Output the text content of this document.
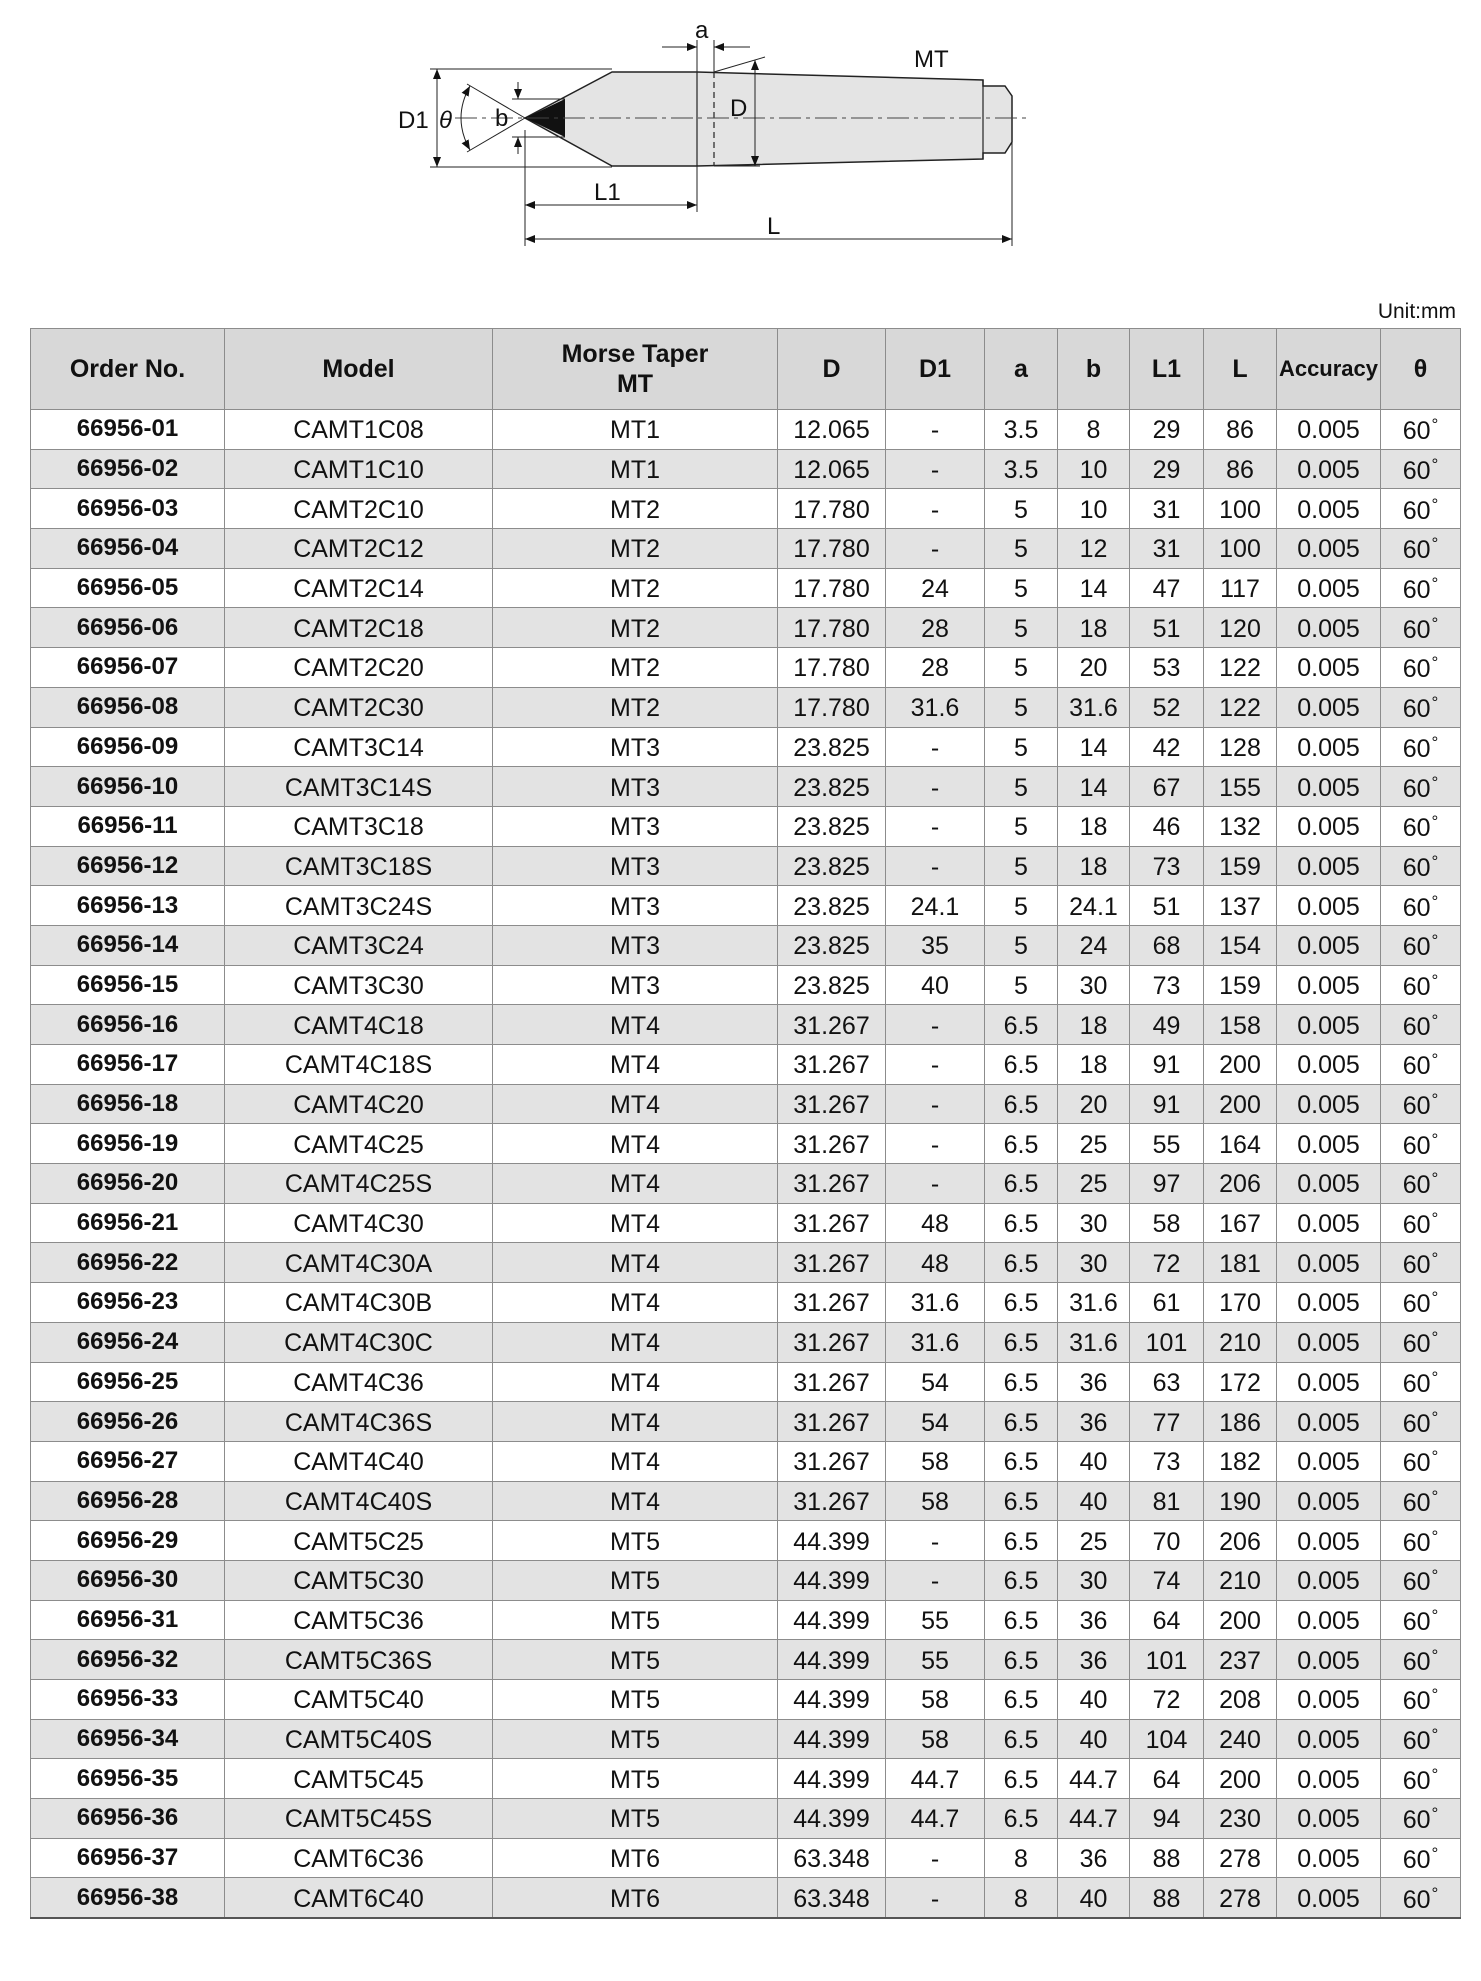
a
MT
D
D1 θ b
L1
L
Unit:mm
Order No.	Model	Morse Taper
MT	D	D1	a	b	L1	L	Accuracy	θ
66956-01	CAMT1C08	MT1	12.065	-	3.5	8	29	86	0.005	60°
66956-02	CAMT1C10	MT1	12.065	-	3.5	10	29	86	0.005	60°
66956-03	CAMT2C10	MT2	17.780	-	5	10	31	100	0.005	60°
66956-04	CAMT2C12	MT2	17.780	-	5	12	31	100	0.005	60°
66956-05	CAMT2C14	MT2	17.780	24	5	14	47	117	0.005	60°
66956-06	CAMT2C18	MT2	17.780	28	5	18	51	120	0.005	60°
66956-07	CAMT2C20	MT2	17.780	28	5	20	53	122	0.005	60°
66956-08	CAMT2C30	MT2	17.780	31.6	5	31.6	52	122	0.005	60°
66956-09	CAMT3C14	MT3	23.825	-	5	14	42	128	0.005	60°
66956-10	CAMT3C14S	MT3	23.825	-	5	14	67	155	0.005	60°
66956-11	CAMT3C18	MT3	23.825	-	5	18	46	132	0.005	60°
66956-12	CAMT3C18S	MT3	23.825	-	5	18	73	159	0.005	60°
66956-13	CAMT3C24S	MT3	23.825	24.1	5	24.1	51	137	0.005	60°
66956-14	CAMT3C24	MT3	23.825	35	5	24	68	154	0.005	60°
66956-15	CAMT3C30	MT3	23.825	40	5	30	73	159	0.005	60°
66956-16	CAMT4C18	MT4	31.267	-	6.5	18	49	158	0.005	60°
66956-17	CAMT4C18S	MT4	31.267	-	6.5	18	91	200	0.005	60°
66956-18	CAMT4C20	MT4	31.267	-	6.5	20	91	200	0.005	60°
66956-19	CAMT4C25	MT4	31.267	-	6.5	25	55	164	0.005	60°
66956-20	CAMT4C25S	MT4	31.267	-	6.5	25	97	206	0.005	60°
66956-21	CAMT4C30	MT4	31.267	48	6.5	30	58	167	0.005	60°
66956-22	CAMT4C30A	MT4	31.267	48	6.5	30	72	181	0.005	60°
66956-23	CAMT4C30B	MT4	31.267	31.6	6.5	31.6	61	170	0.005	60°
66956-24	CAMT4C30C	MT4	31.267	31.6	6.5	31.6	101	210	0.005	60°
66956-25	CAMT4C36	MT4	31.267	54	6.5	36	63	172	0.005	60°
66956-26	CAMT4C36S	MT4	31.267	54	6.5	36	77	186	0.005	60°
66956-27	CAMT4C40	MT4	31.267	58	6.5	40	73	182	0.005	60°
66956-28	CAMT4C40S	MT4	31.267	58	6.5	40	81	190	0.005	60°
66956-29	CAMT5C25	MT5	44.399	-	6.5	25	70	206	0.005	60°
66956-30	CAMT5C30	MT5	44.399	-	6.5	30	74	210	0.005	60°
66956-31	CAMT5C36	MT5	44.399	55	6.5	36	64	200	0.005	60°
66956-32	CAMT5C36S	MT5	44.399	55	6.5	36	101	237	0.005	60°
66956-33	CAMT5C40	MT5	44.399	58	6.5	40	72	208	0.005	60°
66956-34	CAMT5C40S	MT5	44.399	58	6.5	40	104	240	0.005	60°
66956-35	CAMT5C45	MT5	44.399	44.7	6.5	44.7	64	200	0.005	60°
66956-36	CAMT5C45S	MT5	44.399	44.7	6.5	44.7	94	230	0.005	60°
66956-37	CAMT6C36	MT6	63.348	-	8	36	88	278	0.005	60°
66956-38	CAMT6C40	MT6	63.348	-	8	40	88	278	0.005	60°
